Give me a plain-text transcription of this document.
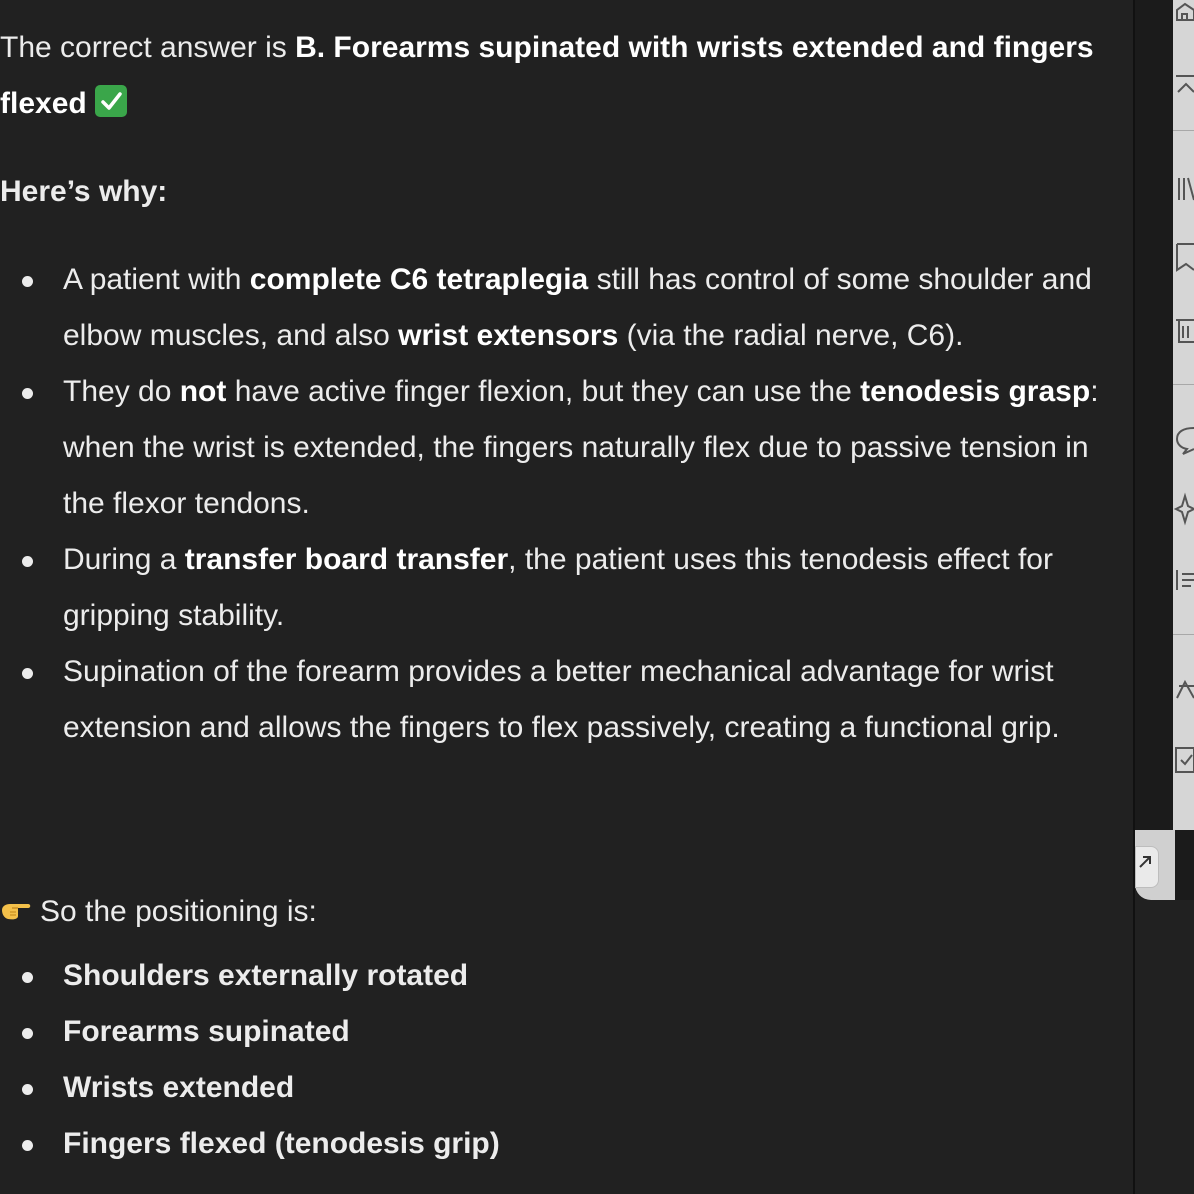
The correct answer is B. Forearms supinated with wrists extended and fingers flexed

Here’s why:

A patient with complete C6 tetraplegia still has control of some shoulder and elbow muscles, and also wrist extensors (via the radial nerve, C6).
They do not have active finger flexion, but they can use the tenodesis grasp: when the wrist is extended, the fingers naturally flex due to passive tension in the flexor tendons.
During a transfer board transfer, the patient uses this tenodesis effect for gripping stability.
Supination of the forearm provides a better mechanical advantage for wrist extension and allows the fingers to flex passively, creating a functional grip.

So the positioning is:

Shoulders externally rotated
Forearms supinated
Wrists extended
Fingers flexed (tenodesis grip)
